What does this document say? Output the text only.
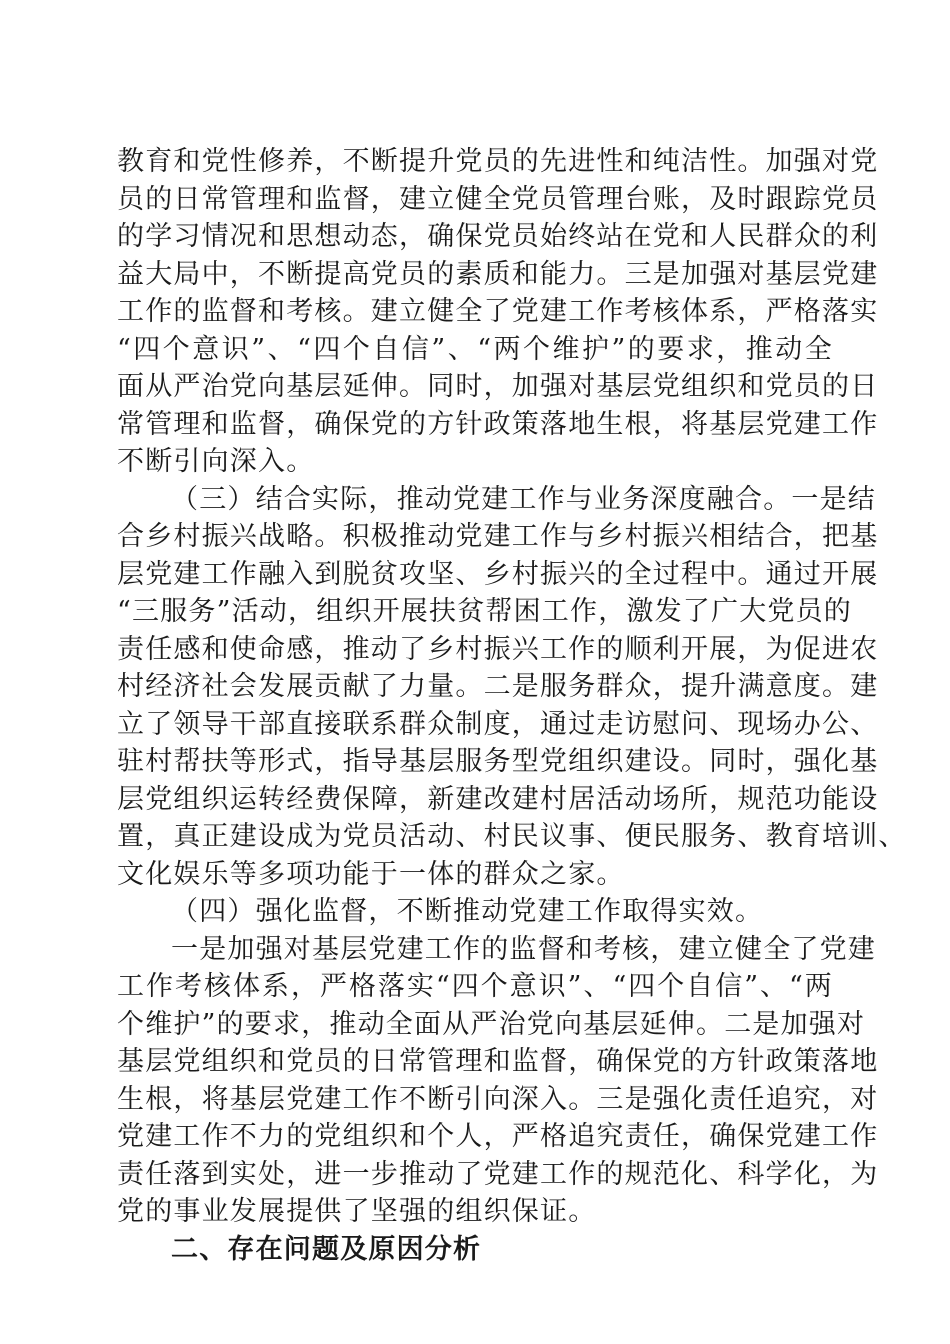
教育和党性修养，不断提升党员的先进性和纯洁性。加强对党
员的日常管理和监督，建立健全党员管理台账，及时跟踪党员
的学习情况和思想动态，确保党员始终站在党和人民群众的利
益大局中，不断提高党员的素质和能力。三是加强对基层党建
工作的监督和考核。建立健全了党建工作考核体系，严格落实
“四个意识”、“四个自信”、“两个维护”的要求，推动全
面从严治党向基层延伸。同时，加强对基层党组织和党员的日
常管理和监督，确保党的方针政策落地生根，将基层党建工作
不断引向深入。
（三）结合实际，推动党建工作与业务深度融合。一是结
合乡村振兴战略。积极推动党建工作与乡村振兴相结合，把基
层党建工作融入到脱贫攻坚、乡村振兴的全过程中。通过开展
“三服务”活动，组织开展扶贫帮困工作，激发了广大党员的
责任感和使命感，推动了乡村振兴工作的顺利开展，为促进农
村经济社会发展贡献了力量。二是服务群众，提升满意度。建
立了领导干部直接联系群众制度，通过走访慰问、现场办公、
驻村帮扶等形式，指导基层服务型党组织建设。同时，强化基
层党组织运转经费保障，新建改建村居活动场所，规范功能设
置，真正建设成为党员活动、村民议事、便民服务、教育培训、
文化娱乐等多项功能于一体的群众之家。
（四）强化监督，不断推动党建工作取得实效。
一是加强对基层党建工作的监督和考核，建立健全了党建
工作考核体系，严格落实“四个意识”、“四个自信”、“两
个维护”的要求，推动全面从严治党向基层延伸。二是加强对
基层党组织和党员的日常管理和监督，确保党的方针政策落地
生根，将基层党建工作不断引向深入。三是强化责任追究，对
党建工作不力的党组织和个人，严格追究责任，确保党建工作
责任落到实处，进一步推动了党建工作的规范化、科学化，为
党的事业发展提供了坚强的组织保证。
二、存在问题及原因分析
